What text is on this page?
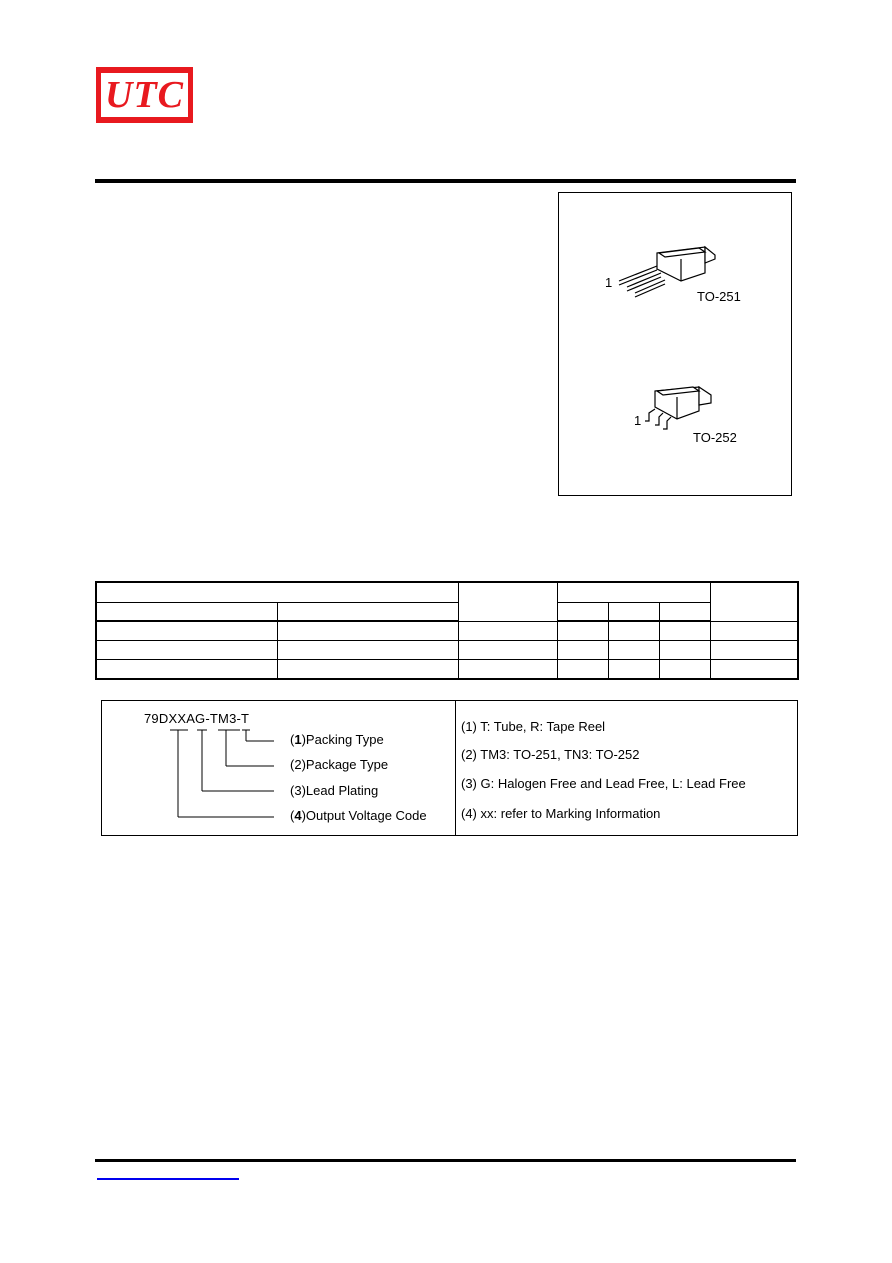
UTC
1
TO-251
1
TO-252

79DXXAG-TM3-T
(1)Packing Type
(2)Package Type
(3)Lead Plating
(4)Output Voltage Code
(1) T: Tube, R: Tape Reel
(2) TM3: TO-251, TN3: TO-252
(3) G: Halogen Free and Lead Free, L: Lead Free
(4) xx: refer to Marking Information
